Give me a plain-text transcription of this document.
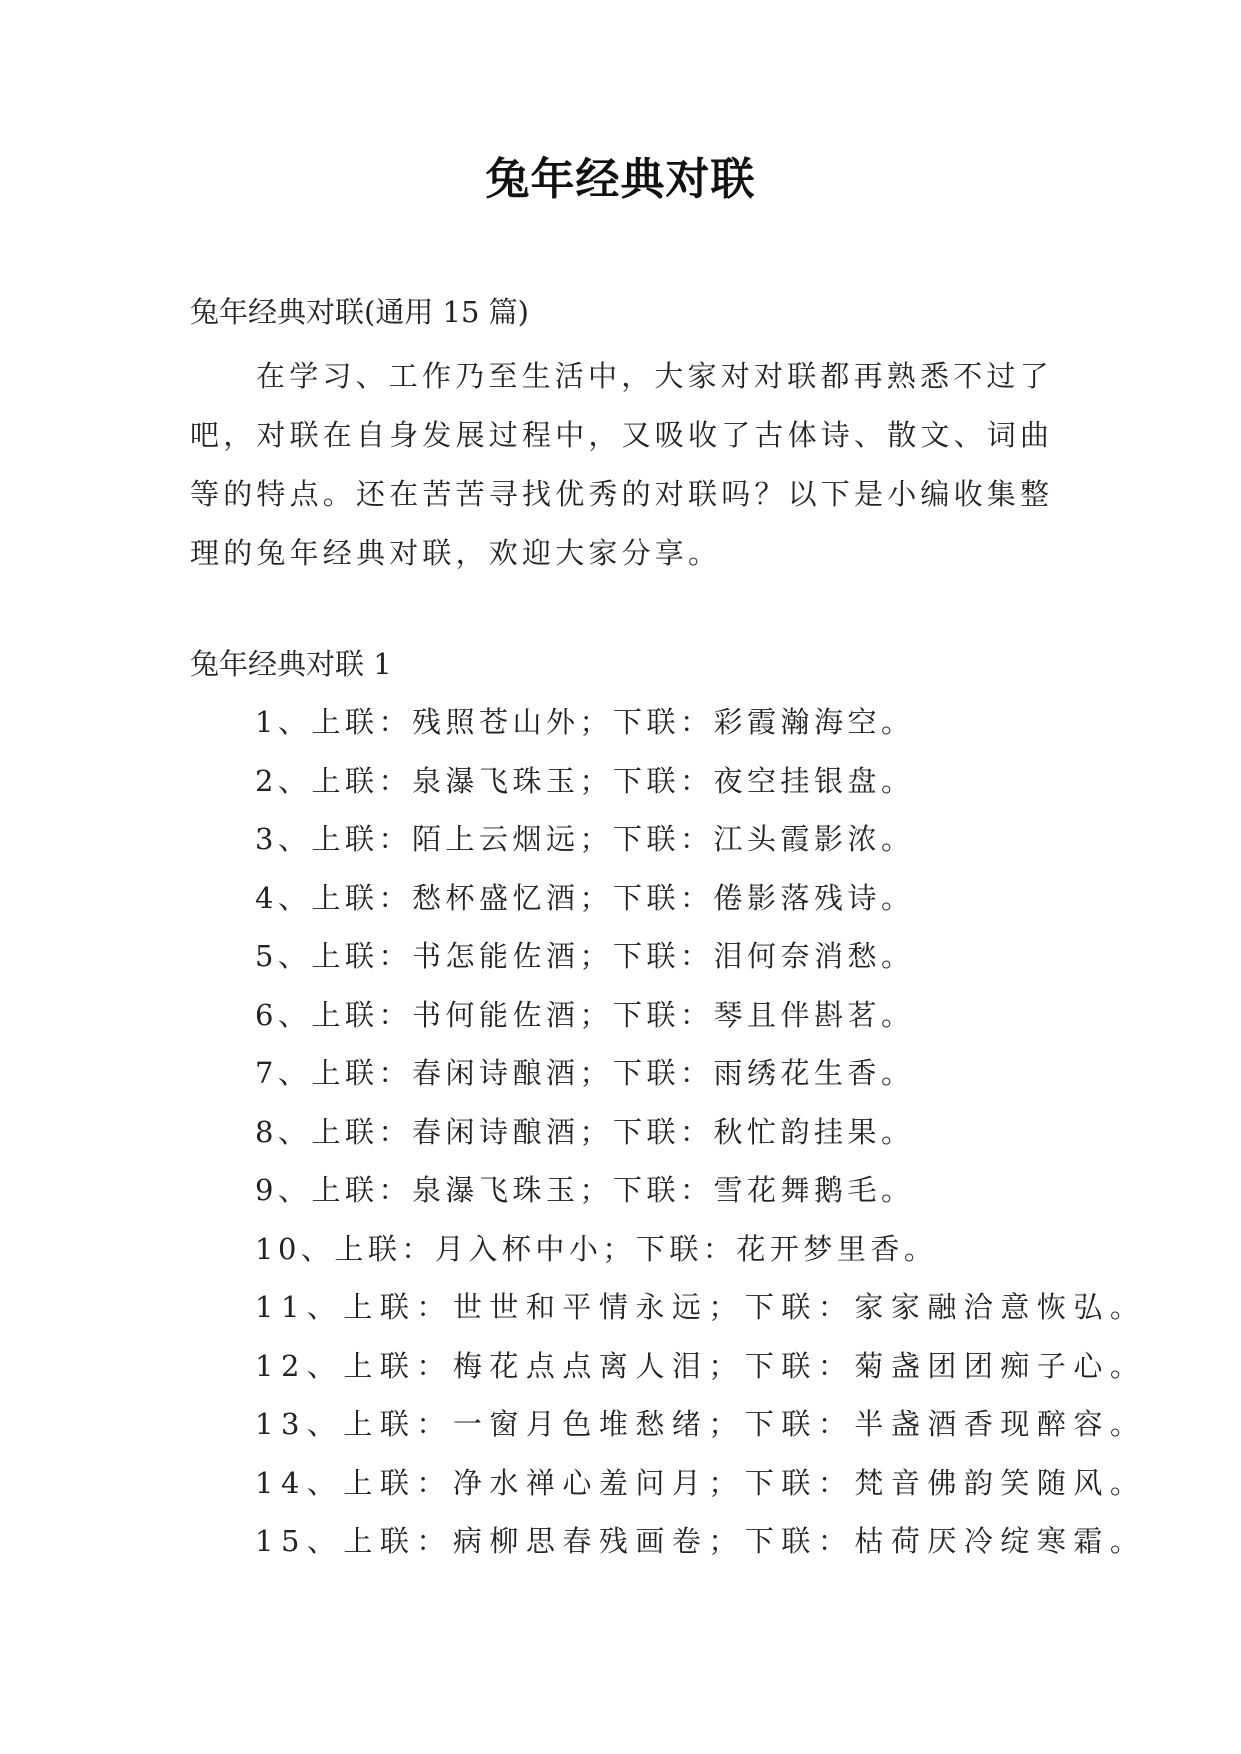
兔年经典对联
兔年经典对联(通用 15 篇)
在学习、工作乃至生活中，大家对对联都再熟悉不过了
吧，对联在自身发展过程中，又吸收了古体诗、散文、词曲
等的特点。还在苦苦寻找优秀的对联吗？以下是小编收集整
理的兔年经典对联，欢迎大家分享。
兔年经典对联 1
1、上联：残照苍山外；下联：彩霞瀚海空。
2、上联：泉瀑飞珠玉；下联：夜空挂银盘。
3、上联：陌上云烟远；下联：江头霞影浓。
4、上联：愁杯盛忆酒；下联：倦影落残诗。
5、上联：书怎能佐酒；下联：泪何奈消愁。
6、上联：书何能佐酒；下联：琴且伴斟茗。
7、上联：春闲诗酿酒；下联：雨绣花生香。
8、上联：春闲诗酿酒；下联：秋忙韵挂果。
9、上联：泉瀑飞珠玉；下联：雪花舞鹅毛。
10、上联：月入杯中小；下联：花开梦里香。
11、上联：世世和平情永远；下联：家家融洽意恢弘。
12、上联：梅花点点离人泪；下联：菊盏团团痴子心。
13、上联：一窗月色堆愁绪；下联：半盏酒香现醉容。
14、上联：净水禅心羞问月；下联：梵音佛韵笑随风。
15、上联：病柳思春残画卷；下联：枯荷厌冷绽寒霜。
